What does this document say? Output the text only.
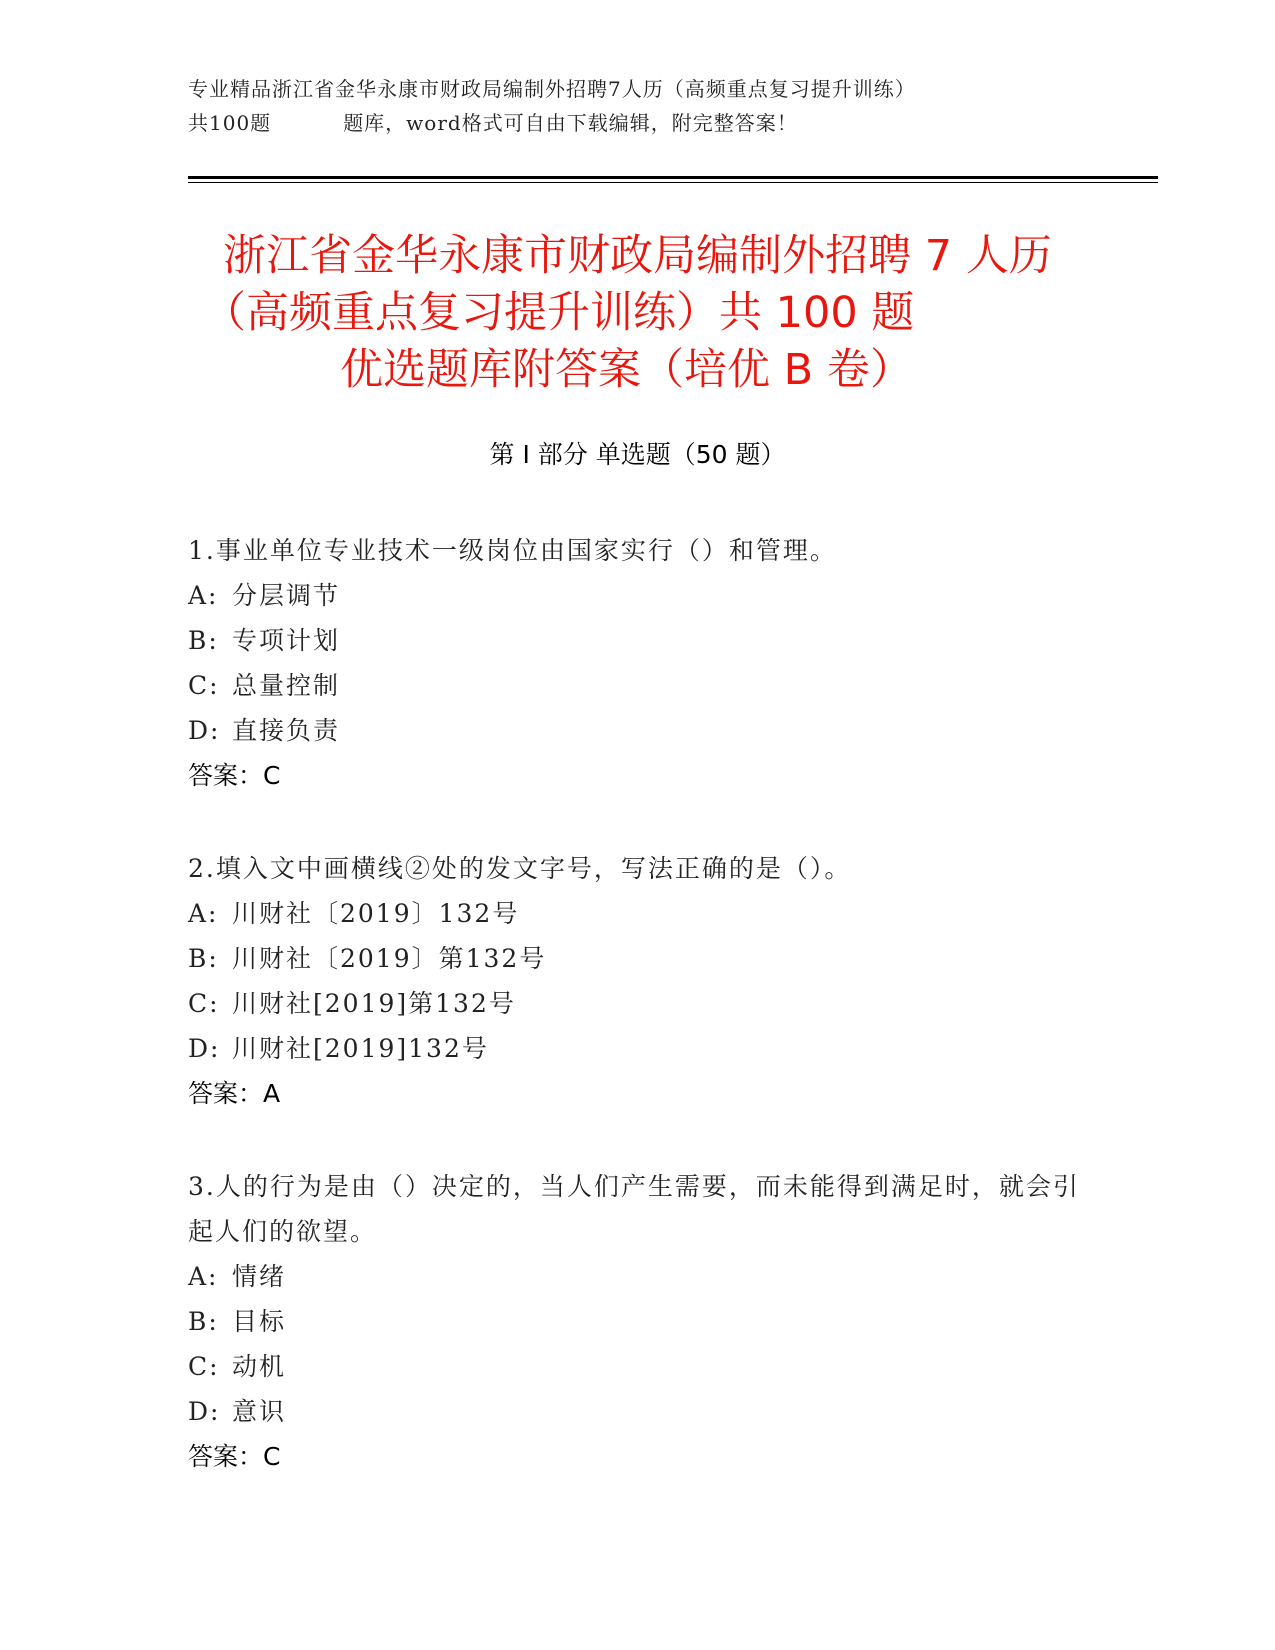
专业精品浙江省金华永康市财政局编制外招聘7人历（高频重点复习提升训练）
共100题	题库，word格式可自由下载编辑，附完整答案！
浙江省金华永康市财政局编制外招聘 7 人历
（高频重点复习提升训练）共 100 题
优选题库附答案（培优 B 卷）
第 I 部分 单选题（50 题）
1.事业单位专业技术一级岗位由国家实行（）和管理。
A: 分层调节
B: 专项计划
C: 总量控制
D: 直接负责
答案：C
2.填入文中画横线②处的发文字号，写法正确的是（）。
A: 川财社〔2019〕132号
B: 川财社〔2019〕第132号
C: 川财社[2019]第132号
D: 川财社[2019]132号
答案：A
3.人的行为是由（）决定的，当人们产生需要，而未能得到满足时，就会引起人们的欲望。
A: 情绪
B: 目标
C: 动机
D: 意识
答案：C
